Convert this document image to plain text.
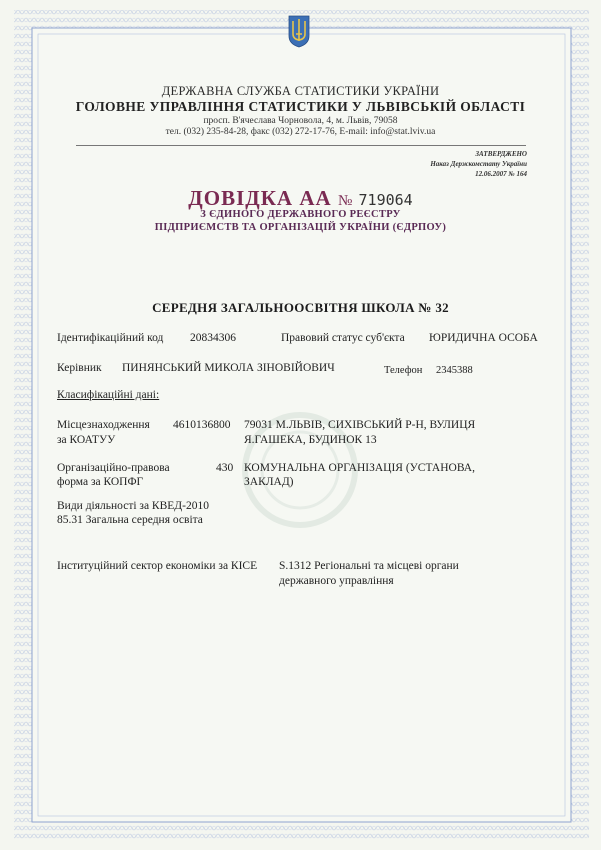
ДЕРЖАВНА СЛУЖБА СТАТИСТИКИ УКРАЇНИ
ГОЛОВНЕ УПРАВЛІННЯ СТАТИСТИКИ У ЛЬВІВСЬКІЙ ОБЛАСТІ
просп. В'ячеслава Чорновола, 4, м. Львів, 79058
тел. (032) 235-84-28, факс (032) 272-17-76, E-mail: info@stat.lviv.ua
ЗАТВЕРДЖЕНО
Наказ Держкомстату України
12.06.2007 № 164
ДОВІДКА АА № 719064
З ЄДИНОГО ДЕРЖАВНОГО РЕЄСТРУ
ПІДПРИЄМСТВ ТА ОРГАНІЗАЦІЙ УКРАЇНИ (ЄДРПОУ)
СЕРЕДНЯ ЗАГАЛЬНООСВІТНЯ ШКОЛА № 32
Ідентифікаційний код 20834306	Правовий статус суб'єкта ЮРИДИЧНА ОСОБА
Керівник ПИНЯНСЬКИЙ МИКОЛА ЗІНОВІЙОВИЧ	Телефон 2345388
Класифікаційні дані:
Місцезнаходження
за КОАТУУ
4610136800 79031 М.ЛЬВІВ, СИХІВСЬКИЙ Р-Н, ВУЛИЦЯ
Я.ГАШЕКА, БУДИНОК 13
Організаційно-правова
форма за КОПФГ
430 КОМУНАЛЬНА ОРГАНІЗАЦІЯ (УСТАНОВА,
ЗАКЛАД)
Види діяльності за КВЕД-2010
85.31 Загальна середня освіта
Інституційний сектор економіки за КІСЕ S.1312 Регіональні та місцеві органи
державного управління
